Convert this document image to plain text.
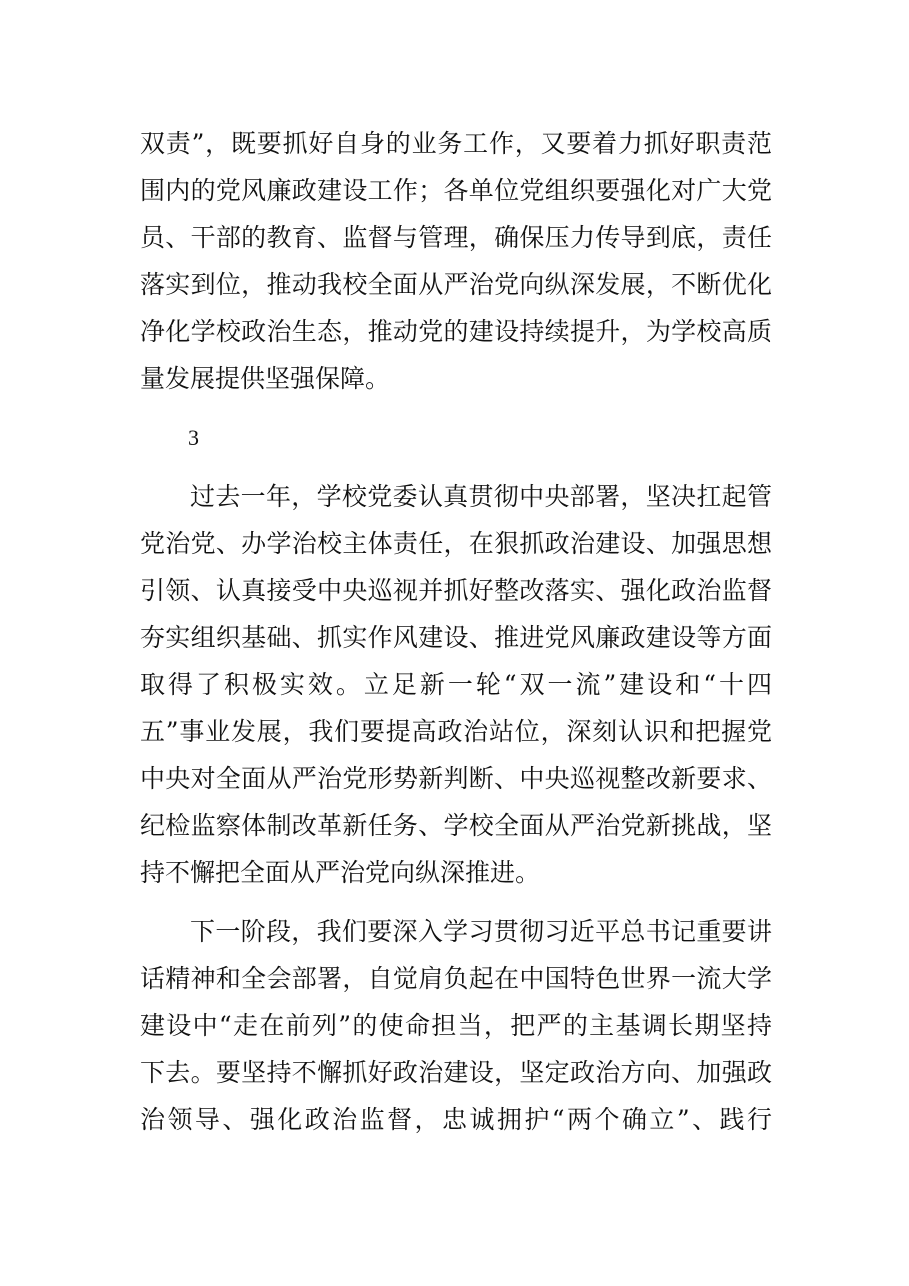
双责”，既要抓好自身的业务工作，又要着力抓好职责范
围内的党风廉政建设工作；各单位党组织要强化对广大党
员、干部的教育、监督与管理，确保压力传导到底，责任
落实到位，推动我校全面从严治党向纵深发展，不断优化
净化学校政治生态，推动党的建设持续提升，为学校高质
量发展提供坚强保障。
3
过去一年，学校党委认真贯彻中央部署，坚决扛起管
党治党、办学治校主体责任，在狠抓政治建设、加强思想
引领、认真接受中央巡视并抓好整改落实、强化政治监督
夯实组织基础、抓实作风建设、推进党风廉政建设等方面
取得了积极实效。立足新一轮“双一流”建设和“十四
五”事业发展，我们要提高政治站位，深刻认识和把握党
中央对全面从严治党形势新判断、中央巡视整改新要求、
纪检监察体制改革新任务、学校全面从严治党新挑战，坚
持不懈把全面从严治党向纵深推进。
下一阶段，我们要深入学习贯彻习近平总书记重要讲
话精神和全会部署，自觉肩负起在中国特色世界一流大学
建设中“走在前列”的使命担当，把严的主基调长期坚持
下去。要坚持不懈抓好政治建设，坚定政治方向、加强政
治领导、强化政治监督，忠诚拥护“两个确立”、践行
